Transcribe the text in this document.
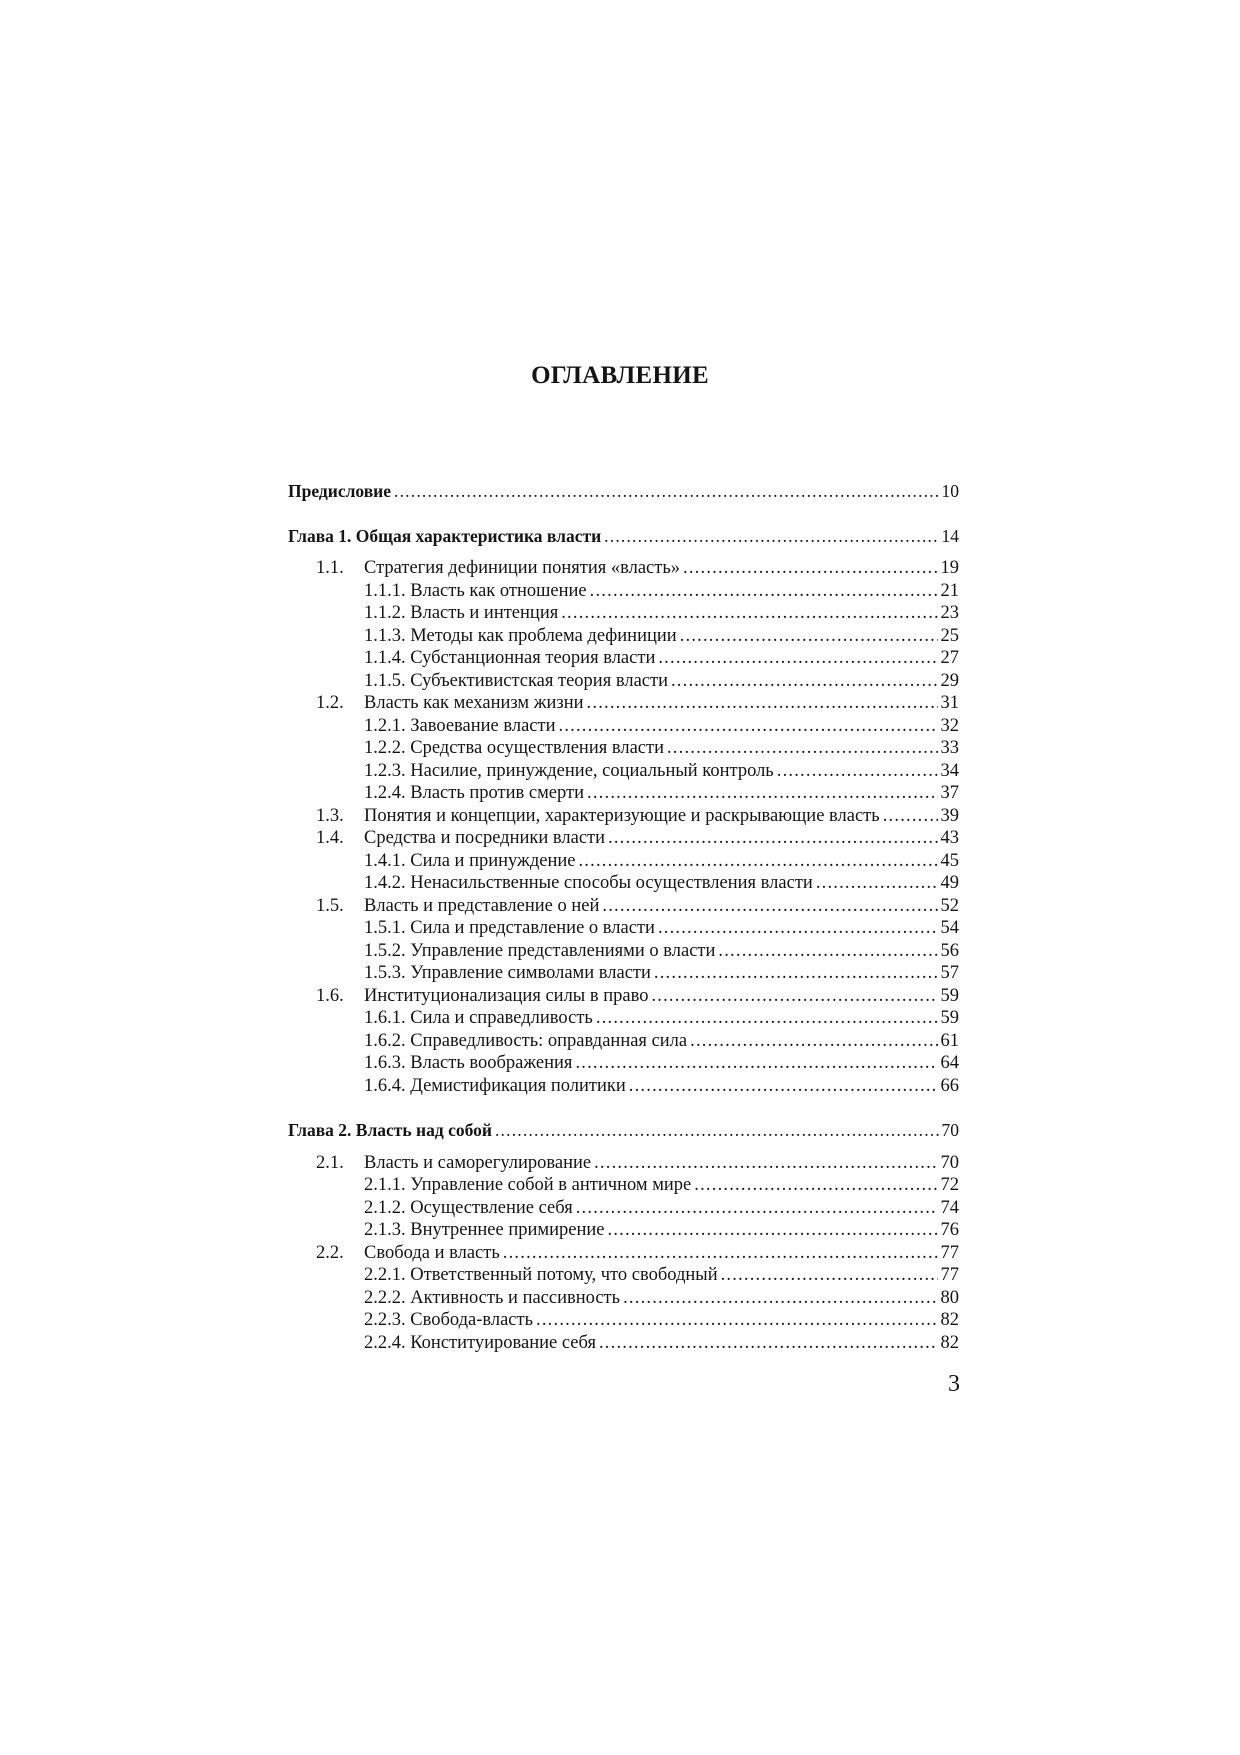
ОГЛАВЛЕНИЕ
Предисловие .....	10
Глава 1. Общая характеристика власти .....	14
1.1. Стратегия дефиниции понятия «власть» .....	19
1.1.1. Власть как отношение .....	21
1.1.2. Власть и интенция .....	23
1.1.3. Методы как проблема дефиниции .....	25
1.1.4. Субстанционная теория власти .....	27
1.1.5. Субъективистская теория власти .....	29
1.2. Власть как механизм жизни .....	31
1.2.1. Завоевание власти .....	32
1.2.2. Средства осуществления власти .....	33
1.2.3. Насилие, принуждение, социальный контроль .....	34
1.2.4. Власть против смерти .....	37
1.3. Понятия и концепции, характеризующие и раскрывающие власть .....	39
1.4. Средства и посредники власти .....	43
1.4.1. Сила и принуждение .....	45
1.4.2. Ненасильственные способы осуществления власти .....	49
1.5. Власть и представление о ней .....	52
1.5.1. Сила и представление о власти .....	54
1.5.2. Управление представлениями о власти .....	56
1.5.3. Управление символами власти .....	57
1.6. Институционализация силы в право .....	59
1.6.1. Сила и справедливость .....	59
1.6.2. Справедливость: оправданная сила .....	61
1.6.3. Власть воображения .....	64
1.6.4. Демистификация политики .....	66
Глава 2. Власть над собой .....	70
2.1. Власть и саморегулирование .....	70
2.1.1. Управление собой в античном мире .....	72
2.1.2. Осуществление себя .....	74
2.1.3. Внутреннее примирение .....	76
2.2. Свобода и власть .....	77
2.2.1. Ответственный потому, что свободный .....	77
2.2.2. Активность и пассивность .....	80
2.2.3. Свобода-власть .....	82
2.2.4. Конституирование себя .....	82
3
